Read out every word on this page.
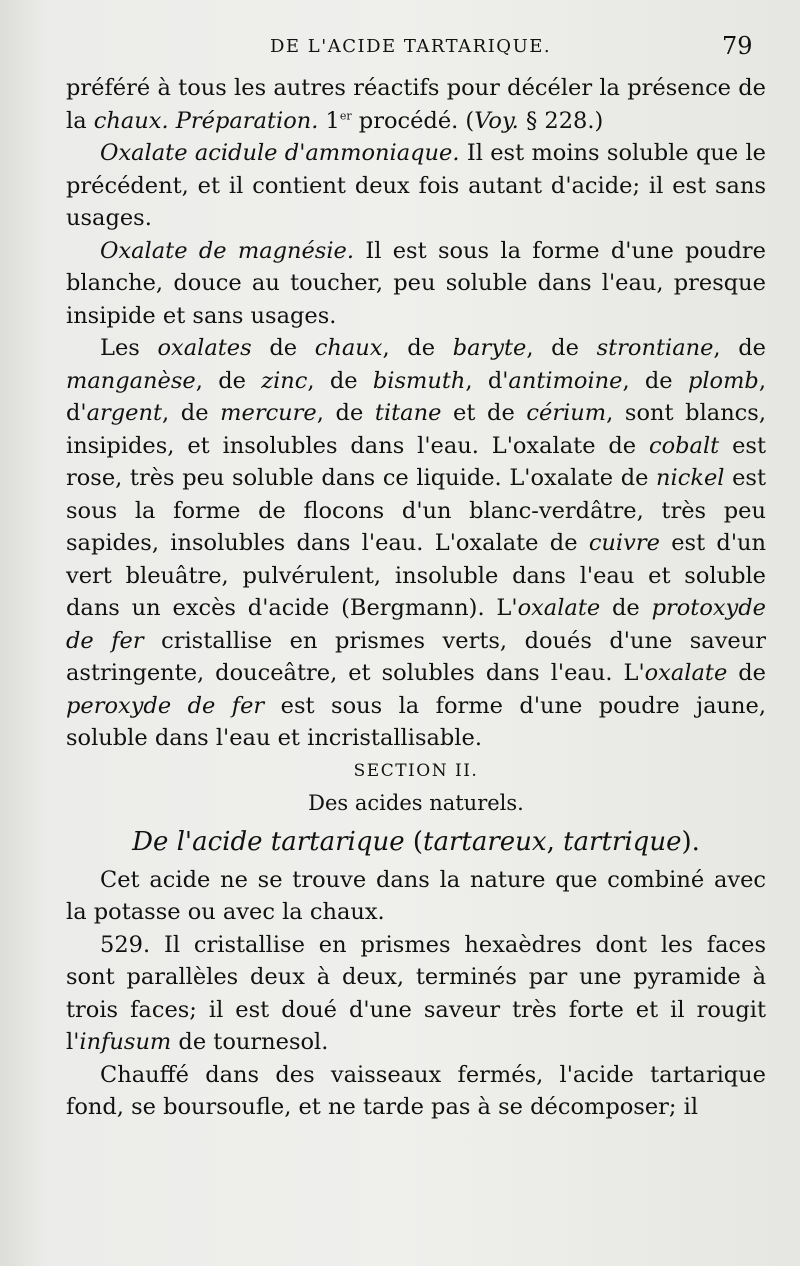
DE L'ACIDE TARTARIQUE.	79

préféré à tous les autres réactifs pour décéler la présence de la chaux. Préparation. 1er procédé. (Voy. § 228.)

Oxalate acidule d'ammoniaque. Il est moins soluble que le précédent, et il contient deux fois autant d'acide; il est sans usages.

Oxalate de magnésie. Il est sous la forme d'une poudre blanche, douce au toucher, peu soluble dans l'eau, presque insipide et sans usages.

Les oxalates de chaux, de baryte, de strontiane, de manganèse, de zinc, de bismuth, d'antimoine, de plomb, d'argent, de mercure, de titane et de cérium, sont blancs, insipides, et insolubles dans l'eau. L'oxalate de cobalt est rose, très peu soluble dans ce liquide. L'oxalate de nickel est sous la forme de flocons d'un blanc-verdâtre, très peu sapides, insolubles dans l'eau. L'oxalate de cuivre est d'un vert bleuâtre, pulvérulent, insoluble dans l'eau et soluble dans un excès d'acide (Bergmann). L'oxalate de protoxyde de fer cristallise en prismes verts, doués d'une saveur astringente, douceâtre, et solubles dans l'eau. L'oxalate de peroxyde de fer est sous la forme d'une poudre jaune, soluble dans l'eau et incristallisable.

SECTION II.

Des acides naturels.

De l'acide tartarique (tartareux, tartrique).

Cet acide ne se trouve dans la nature que combiné avec la potasse ou avec la chaux.

529. Il cristallise en prismes hexaèdres dont les faces sont parallèles deux à deux, terminés par une pyramide à trois faces; il est doué d'une saveur très forte et il rougit l'infusum de tournesol.

Chauffé dans des vaisseaux fermés, l'acide tartarique fond, se boursoufle, et ne tarde pas à se décomposer; il
